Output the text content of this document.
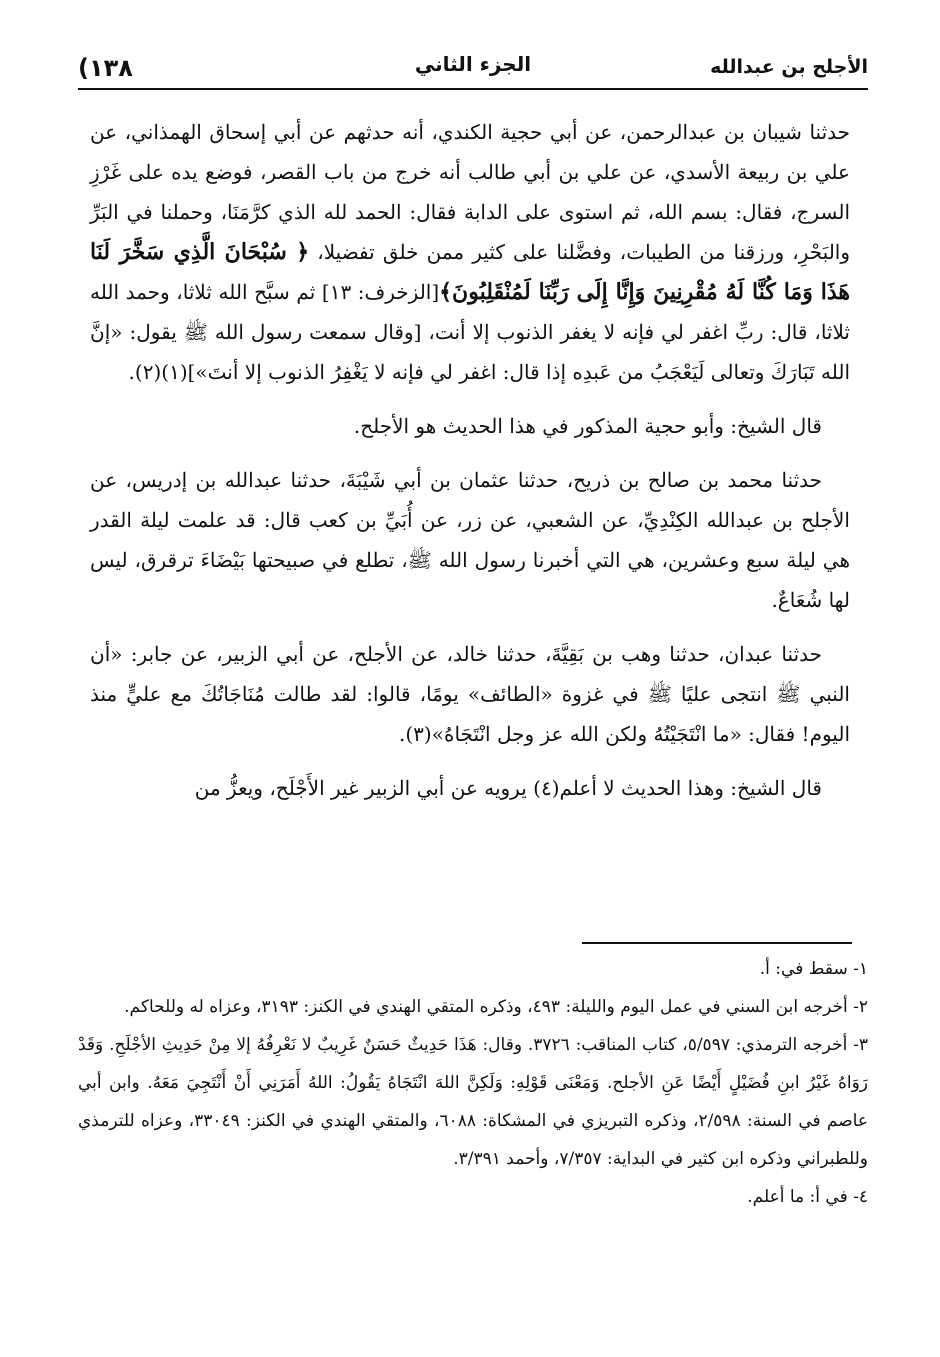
(١٣٨	الجزء الثاني	الأجلح بن عبدالله

حدثنا شيبان بن عبدالرحمن، عن أبي حجية الكندي، أنه حدثهم عن أبي إسحاق الهمذاني، عن علي بن ربيعة الأسدي، عن علي بن أبي طالب أنه خرج من باب القصر، فوضع يده على غَرْزِ السرج، فقال: بسم الله، ثم استوى على الدابة فقال: الحمد لله الذي كرَّمَنَا، وحملنا في البَرِّ والبَحْرِ، ورزقنا من الطيبات، وفضَّلنا على كثير ممن خلق تفضيلا، ﴿ سُبْحَانَ الَّذِي سَخَّرَ لَنَا هَذَا وَمَا كُنَّا لَهُ مُقْرِنِينَ وَإِنَّا إِلَى رَبِّنَا لَمُنْقَلِبُونَ﴾[الزخرف: ١٣] ثم سبَّح الله ثلاثا، وحمد الله ثلاثا، قال: ربِّ اغفر لي فإنه لا يغفر الذنوب إلا أنت، [وقال سمعت رسول الله ﷺ يقول: «إنَّ الله تَبَارَكَ وتعالى لَيَعْجَبُ من عَبدِه إذا قال: اغفر لي فإنه لا يَغْفِرُ الذنوب إلا أنتَ»](١)(٢).

قال الشيخ: وأبو حجية المذكور في هذا الحديث هو الأجلح.

حدثنا محمد بن صالح بن ذريح، حدثنا عثمان بن أبي شَيْبَةَ، حدثنا عبدالله بن إدريس، عن الأجلح بن عبدالله الكِنْدِيِّ، عن الشعبي، عن زر، عن أُبَيِّ بن كعب قال: قد علمت ليلة القدر هي ليلة سبع وعشرين، هي التي أخبرنا رسول الله ﷺ، تطلع في صبيحتها بَيْضَاءَ ترقرق، ليس لها شُعَاعٌ.

حدثنا عبدان، حدثنا وهب بن بَقِيَّةَ، حدثنا خالد، عن الأجلح، عن أبي الزبير، عن جابر: «أن النبي ﷺ انتجى عليًا ﷺ في غزوة «الطائف» يومًا، قالوا: لقد طالت مُنَاجَاتُكَ مع عليٍّ منذ اليوم! فقال: «ما انْتَجَيْتُهُ ولكن الله عز وجل انْتَجَاهُ»(٣).

قال الشيخ: وهذا الحديث لا أعلم(٤) يرويه عن أبي الزبير غير الأَجْلَح، ويعزُّ من

١- سقط في: أ.

٢- أخرجه ابن السني في عمل اليوم والليلة: ٤٩٣، وذكره المتقي الهندي في الكنز: ٣١٩٣، وعزاه له وللحاكم.

٣- أخرجه الترمذي: ٥/٥٩٧، كتاب المناقب: ٣٧٢٦. وقال: هَذَا حَدِيثٌ حَسَنٌ غَرِيبٌ لا نَعْرِفُهُ إلا مِنْ حَدِيثِ الأجْلَحِ. وَقَدْ رَوَاهُ غَيْرُ ابنِ فُضَيْلٍ أَيْضًا عَنِ الأجلح. وَمَعْنَى قَوْلِهِ: وَلَكِنَّ اللهَ انْتَجَاهُ يَقُولُ: اللهُ أَمَرَنِي أَنْ أَنْتَجِيَ مَعَهُ. وابن أبي عاصم في السنة: ٢/٥٩٨، وذكره التبريزي في المشكاة: ٦٠٨٨، والمتقي الهندي في الكنز: ٣٣٠٤٩، وعزاه للترمذي وللطبراني وذكره ابن كثير في البداية: ٧/٣٥٧، وأحمد ٣/٣٩١.

٤- في أ: ما أعلم.
